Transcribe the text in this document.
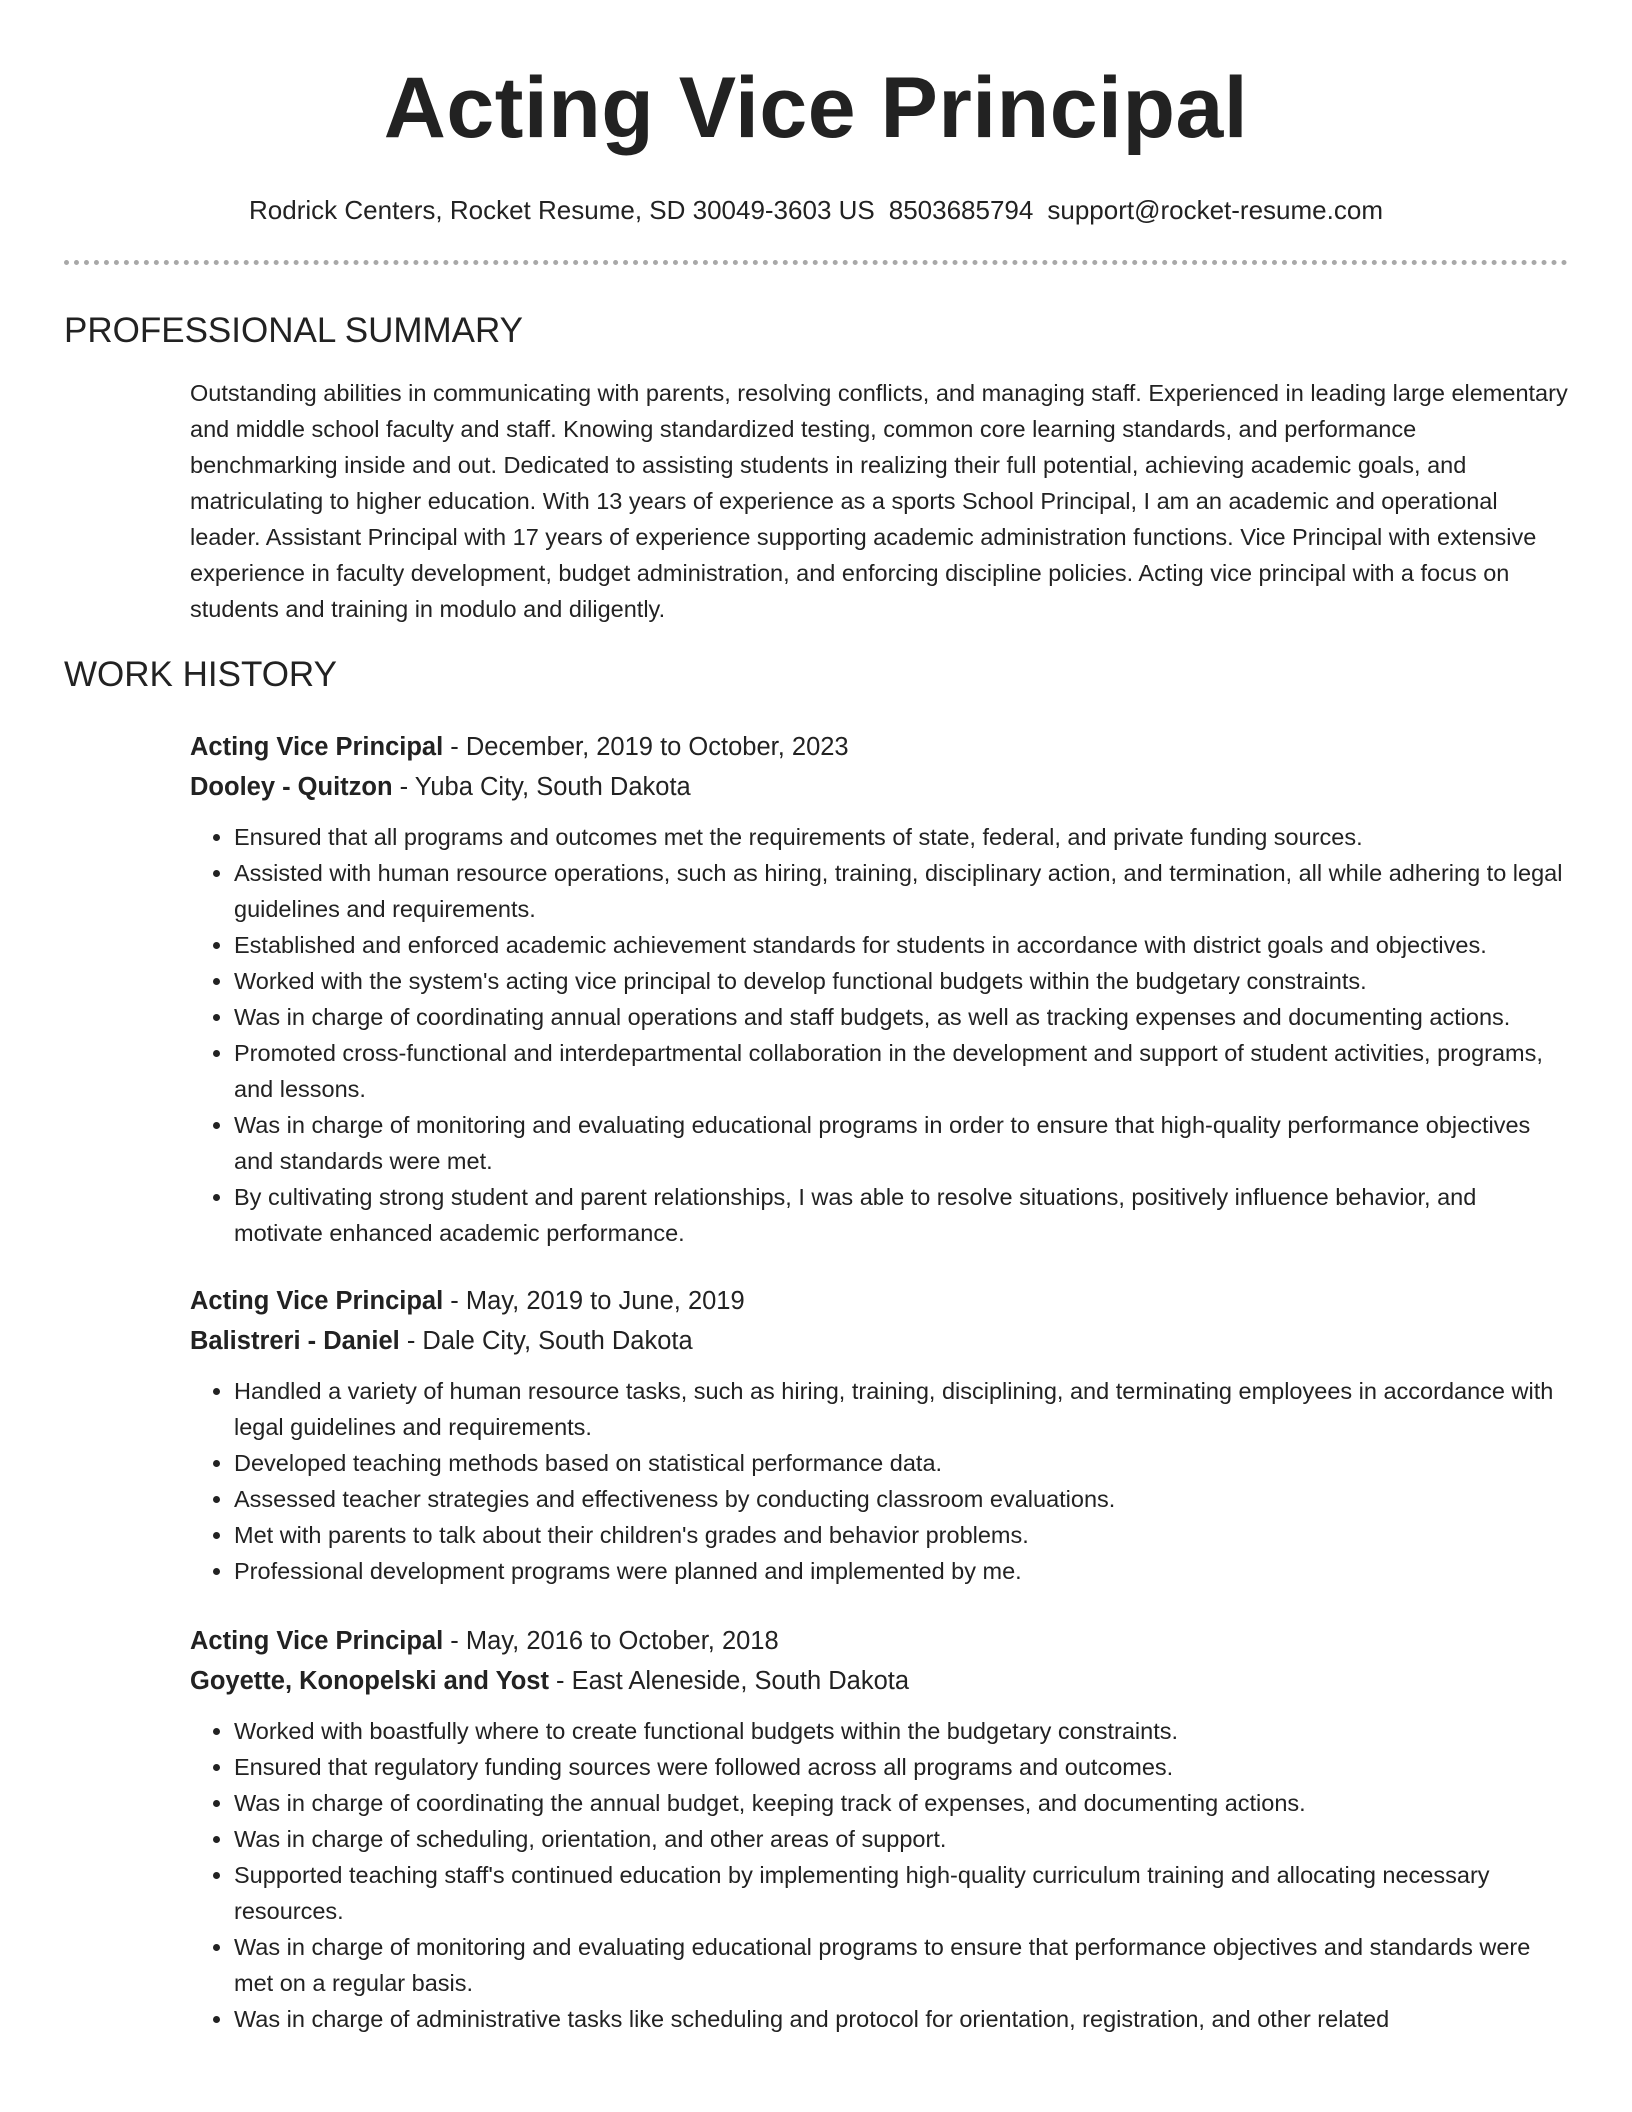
Acting Vice Principal
Rodrick Centers, Rocket Resume, SD 30049-3603 US 8503685794 support@rocket-resume.com
PROFESSIONAL SUMMARY

Outstanding abilities in communicating with parents, resolving conflicts, and managing staff. Experienced in leading large elementary and middle school faculty and staff. Knowing standardized testing, common core learning standards, and performance benchmarking inside and out. Dedicated to assisting students in realizing their full potential, achieving academic goals, and matriculating to higher education. With 13 years of experience as a sports School Principal, I am an academic and operational leader. Assistant Principal with 17 years of experience supporting academic administration functions. Vice Principal with extensive experience in faculty development, budget administration, and enforcing discipline policies. Acting vice principal with a focus on students and training in modulo and diligently.

WORK HISTORY
Acting Vice Principal - December, 2019 to October, 2023
Dooley - Quitzon - Yuba City, South Dakota
• Ensured that all programs and outcomes met the requirements of state, federal, and private funding sources.
• Assisted with human resource operations, such as hiring, training, disciplinary action, and termination, all while adhering to legal guidelines and requirements.
• Established and enforced academic achievement standards for students in accordance with district goals and objectives.
• Worked with the system's acting vice principal to develop functional budgets within the budgetary constraints.
• Was in charge of coordinating annual operations and staff budgets, as well as tracking expenses and documenting actions.
• Promoted cross-functional and interdepartmental collaboration in the development and support of student activities, programs, and lessons.
• Was in charge of monitoring and evaluating educational programs in order to ensure that high-quality performance objectives and standards were met.
• By cultivating strong student and parent relationships, I was able to resolve situations, positively influence behavior, and motivate enhanced academic performance.
Acting Vice Principal - May, 2019 to June, 2019
Balistreri - Daniel - Dale City, South Dakota
• Handled a variety of human resource tasks, such as hiring, training, disciplining, and terminating employees in accordance with legal guidelines and requirements.
• Developed teaching methods based on statistical performance data.
• Assessed teacher strategies and effectiveness by conducting classroom evaluations.
• Met with parents to talk about their children's grades and behavior problems.
• Professional development programs were planned and implemented by me.
Acting Vice Principal - May, 2016 to October, 2018
Goyette, Konopelski and Yost - East Aleneside, South Dakota
• Worked with boastfully where to create functional budgets within the budgetary constraints.
• Ensured that regulatory funding sources were followed across all programs and outcomes.
• Was in charge of coordinating the annual budget, keeping track of expenses, and documenting actions.
• Was in charge of scheduling, orientation, and other areas of support.
• Supported teaching staff's continued education by implementing high-quality curriculum training and allocating necessary resources.
• Was in charge of monitoring and evaluating educational programs to ensure that performance objectives and standards were met on a regular basis.
• Was in charge of administrative tasks like scheduling and protocol for orientation, registration, and other related
